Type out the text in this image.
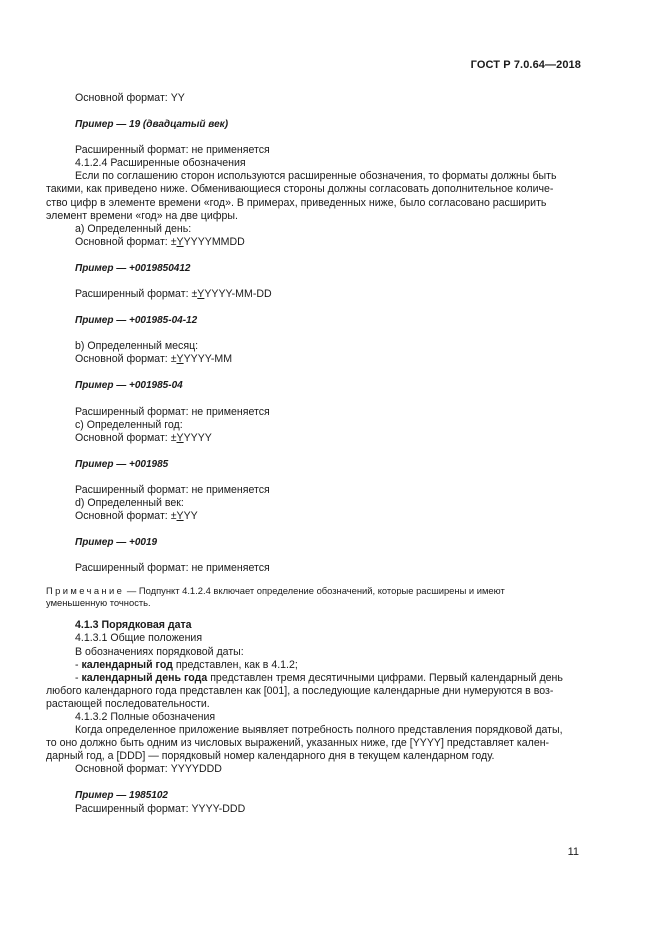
ГОСТ Р 7.0.64—2018

Основной формат: YY

Пример — 19 (двадцатый век)

Расширенный формат: не применяется

4.1.2.4 Расширенные обозначения

Если по соглашению сторон используются расширенные обозначения, то форматы должны быть

такими, как приведено ниже. Обменивающиеся стороны должны согласовать дополнительное количе-

ство цифр в элементе времени «год». В примерах, приведенных ниже, было согласовано расширить

элемент времени «год» на две цифры.

а) Определенный день:

Основной формат: ±YYYYYMMDD

Пример — +0019850412

Расширенный формат: ±YYYYY-MM-DD

Пример — +001985-04-12

b) Определенный месяц:

Основной формат: ±YYYYY-MM

Пример — +001985-04

Расширенный формат: не применяется

c) Определенный год:

Основной формат: ±YYYYY

Пример — +001985

Расширенный формат: не применяется

d) Определенный век:

Основной формат: ±YYY

Пример — +0019

Расширенный формат: не применяется

Примечание — Подпункт 4.1.2.4 включает определение обозначений, которые расширены и имеют

уменьшенную точность.

4.1.3 Порядковая дата

4.1.3.1 Общие положения

В обозначениях порядковой даты:

- календарный год представлен, как в 4.1.2;

- календарный день года представлен тремя десятичными цифрами. Первый календарный день

любого календарного года представлен как [001], а последующие календарные дни нумеруются в воз-

растающей последовательности.

4.1.3.2 Полные обозначения

Когда определенное приложение выявляет потребность полного представления порядковой даты,

то оно должно быть одним из числовых выражений, указанных ниже, где [YYYY] представляет кален-

дарный год, а [DDD] — порядковый номер календарного дня в текущем календарном году.

Основной формат: YYYYDDD

Пример — 1985102

Расширенный формат: YYYY-DDD

11
